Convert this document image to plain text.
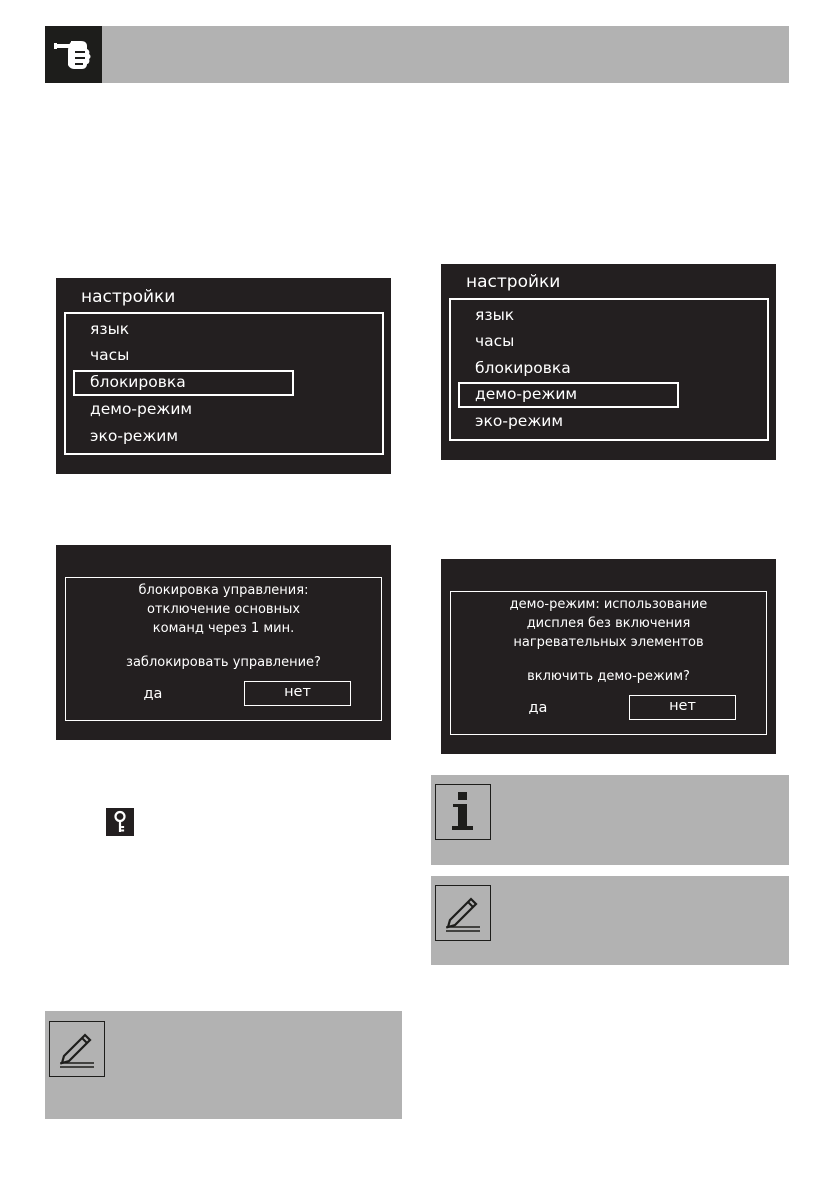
настройки
язык
часы
блокировка
демо-режим
эко-режим
настройки
язык
часы
блокировка
демо-режим
эко-режим
блокировка управления:
отключение основных
команд через 1 мин.
заблокировать управление?
да	нет
демо-режим: использование
дисплея без включения
нагревательных элементов
включить демо-режим?
да	нет
